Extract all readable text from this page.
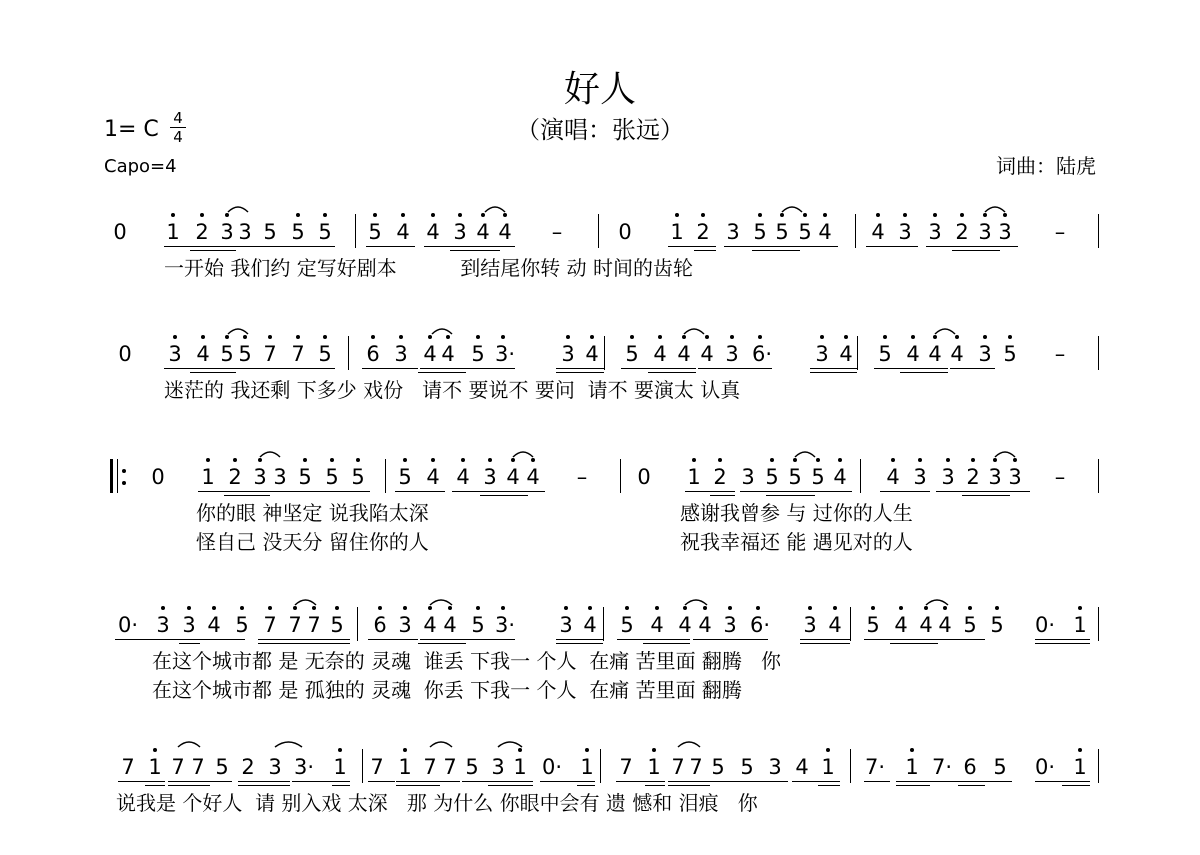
好人
（演唱：张远）
1= C 4
4
Capo=4	词曲：陆虎
0 1 2 3 3 5 5 5 5 4 4 3 4 4 –	0 1 2 3 5 5 5 4 4 3 3 2 3 3 –
一开始 我们约 定写好剧本          到结尾你转 动 时间的齿轮
0 3 4 5 5 7 7 5 6 3 4 4 5 3· 3 4 5 4 4 4 3 6· 3 4 5 4 4 4 3 5 –
迷茫的 我还剩 下多少 戏份   请不 要说不 要问  请不 要演太 认真
0 1 2 3 3 5 5 5 5 4 4 3 4 4 – 0 1 2 3 5 5 5 4 4 3 3 2 3 3 –
你的眼 神坚定 说我陷太深
怪自己 没天分 留住你的人
感谢我曾参 与 过你的人生
祝我幸福还 能 遇见对的人
0· 3 3 4 5 7 7 7 5 6 3 4 4 5 3· 3 4 5 4 4 4 3 6· 3 4 5 4 4 4 5 5 0· 1
在这个城市都 是 无奈的 灵魂  谁丢 下我一 个人  在痛 苦里面 翻腾   你
在这个城市都 是 孤独的 灵魂  你丢 下我一 个人  在痛 苦里面 翻腾
7 1 7 7 5 2 3 3· 1 7 1 7 7 5 3 1 0· 1 7 1 7 7 5 5 3 4 1 7· 1 7· 6 5 0· 1
说我是 个好人  请 别入戏 太深   那 为什么 你眼中会有 遗 憾和 泪痕   你
